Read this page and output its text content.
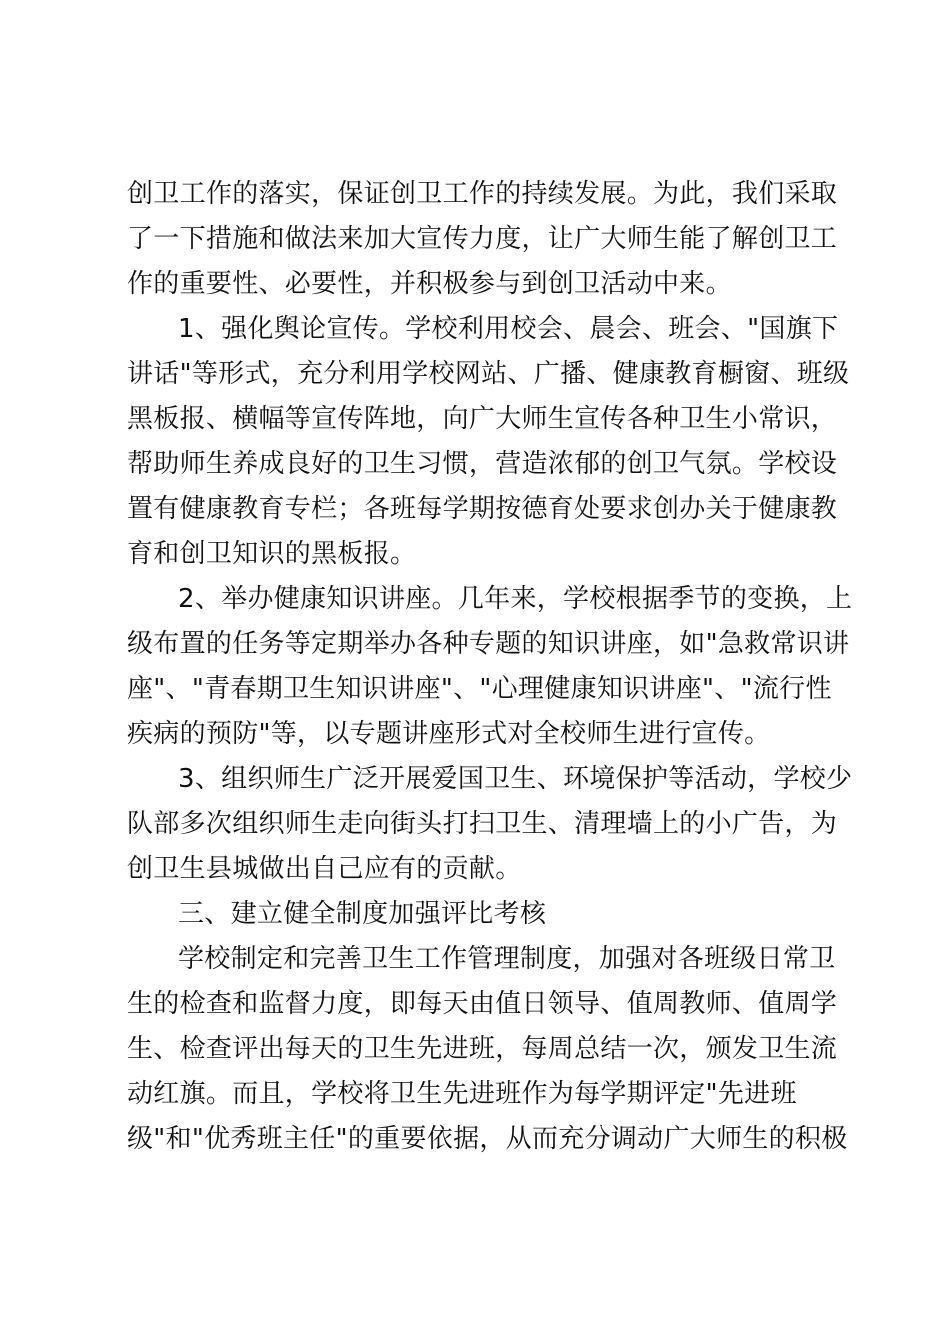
创卫工作的落实，保证创卫工作的持续发展。为此，我们采取
了一下措施和做法来加大宣传力度，让广大师生能了解创卫工
作的重要性、必要性，并积极参与到创卫活动中来。
1、强化舆论宣传。学校利用校会、晨会、班会、"国旗下
讲话"等形式，充分利用学校网站、广播、健康教育橱窗、班级
黑板报、横幅等宣传阵地，向广大师生宣传各种卫生小常识，
帮助师生养成良好的卫生习惯，营造浓郁的创卫气氛。学校设
置有健康教育专栏；各班每学期按德育处要求创办关于健康教
育和创卫知识的黑板报。
2、举办健康知识讲座。几年来，学校根据季节的变换，上
级布置的任务等定期举办各种专题的知识讲座，如"急救常识讲
座"、"青春期卫生知识讲座"、"心理健康知识讲座"、"流行性
疾病的预防"等，以专题讲座形式对全校师生进行宣传。
3、组织师生广泛开展爱国卫生、环境保护等活动，学校少
队部多次组织师生走向街头打扫卫生、清理墙上的小广告，为
创卫生县城做出自己应有的贡献。
三、建立健全制度加强评比考核
学校制定和完善卫生工作管理制度，加强对各班级日常卫
生的检查和监督力度，即每天由值日领导、值周教师、值周学
生、检查评出每天的卫生先进班，每周总结一次，颁发卫生流
动红旗。而且，学校将卫生先进班作为每学期评定"先进班
级"和"优秀班主任"的重要依据，从而充分调动广大师生的积极
